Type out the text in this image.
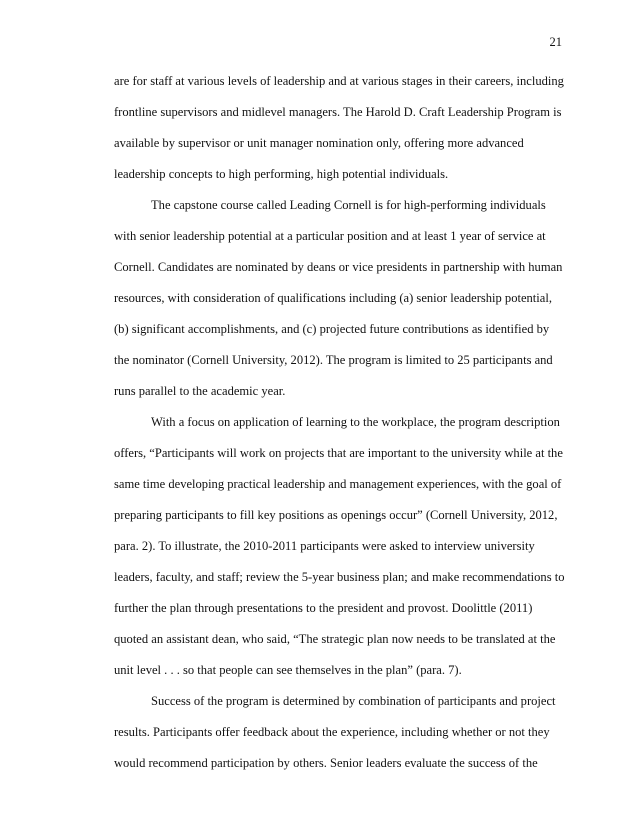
21
are for staff at various levels of leadership and at various stages in their careers, including
frontline supervisors and midlevel managers. The Harold D. Craft Leadership Program is
available by supervisor or unit manager nomination only, offering more advanced
leadership concepts to high performing, high potential individuals.
The capstone course called Leading Cornell is for high-performing individuals
with senior leadership potential at a particular position and at least 1 year of service at
Cornell. Candidates are nominated by deans or vice presidents in partnership with human
resources, with consideration of qualifications including (a) senior leadership potential,
(b) significant accomplishments, and (c) projected future contributions as identified by
the nominator (Cornell University, 2012). The program is limited to 25 participants and
runs parallel to the academic year.
With a focus on application of learning to the workplace, the program description
offers, “Participants will work on projects that are important to the university while at the
same time developing practical leadership and management experiences, with the goal of
preparing participants to fill key positions as openings occur” (Cornell University, 2012,
para. 2). To illustrate, the 2010-2011 participants were asked to interview university
leaders, faculty, and staff; review the 5-year business plan; and make recommendations to
further the plan through presentations to the president and provost. Doolittle (2011)
quoted an assistant dean, who said, “The strategic plan now needs to be translated at the
unit level . . . so that people can see themselves in the plan” (para. 7).
Success of the program is determined by combination of participants and project
results. Participants offer feedback about the experience, including whether or not they
would recommend participation by others. Senior leaders evaluate the success of the
